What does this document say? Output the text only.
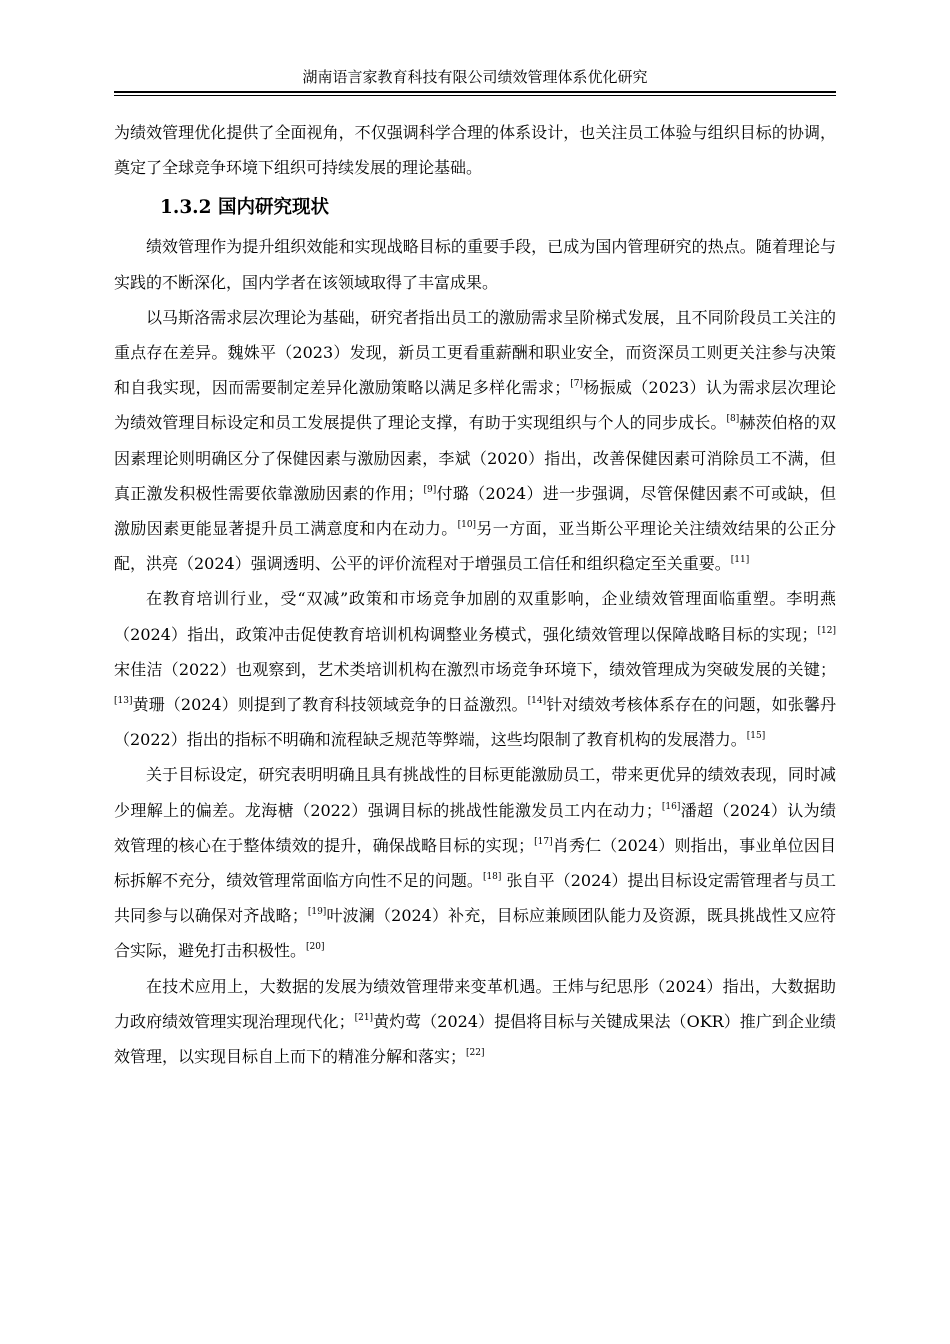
湖南语言家教育科技有限公司绩效管理体系优化研究

为绩效管理优化提供了全面视角，不仅强调科学合理的体系设计，也关注员工体验与组织目标的协调，奠定了全球竞争环境下组织可持续发展的理论基础。

1.3.2 国内研究现状

绩效管理作为提升组织效能和实现战略目标的重要手段，已成为国内管理研究的热点。随着理论与实践的不断深化，国内学者在该领域取得了丰富成果。

以马斯洛需求层次理论为基础，研究者指出员工的激励需求呈阶梯式发展，且不同阶段员工关注的重点存在差异。魏姝平（2023）发现，新员工更看重薪酬和职业安全，而资深员工则更关注参与决策和自我实现，因而需要制定差异化激励策略以满足多样化需求；[7]杨振威（2023）认为需求层次理论为绩效管理目标设定和员工发展提供了理论支撑，有助于实现组织与个人的同步成长。[8]赫茨伯格的双因素理论则明确区分了保健因素与激励因素，李斌（2020）指出，改善保健因素可消除员工不满，但真正激发积极性需要依靠激励因素的作用；[9]付璐（2024）进一步强调，尽管保健因素不可或缺，但激励因素更能显著提升员工满意度和内在动力。[10]另一方面，亚当斯公平理论关注绩效结果的公正分配，洪亮（2024）强调透明、公平的评价流程对于增强员工信任和组织稳定至关重要。[11]

在教育培训行业，受“双减”政策和市场竞争加剧的双重影响，企业绩效管理面临重塑。李明燕（2024）指出，政策冲击促使教育培训机构调整业务模式，强化绩效管理以保障战略目标的实现；[12]宋佳洁（2022）也观察到，艺术类培训机构在激烈市场竞争环境下，绩效管理成为突破发展的关键；[13]黄珊（2024）则提到了教育科技领域竞争的日益激烈。[14]针对绩效考核体系存在的问题，如张馨丹（2022）指出的指标不明确和流程缺乏规范等弊端，这些均限制了教育机构的发展潜力。[15]

关于目标设定，研究表明明确且具有挑战性的目标更能激励员工，带来更优异的绩效表现，同时减少理解上的偏差。龙海榶（2022）强调目标的挑战性能激发员工内在动力；[16]潘超（2024）认为绩效管理的核心在于整体绩效的提升，确保战略目标的实现；[17]肖秀仁（2024）则指出，事业单位因目标拆解不充分，绩效管理常面临方向性不足的问题。[18] 张自平（2024）提出目标设定需管理者与员工共同参与以确保对齐战略；[19]叶波澜（2024）补充，目标应兼顾团队能力及资源，既具挑战性又应符合实际，避免打击积极性。[20]

在技术应用上，大数据的发展为绩效管理带来变革机遇。王炜与纪思彤（2024）指出，大数据助力政府绩效管理实现治理现代化；[21]黄灼莺（2024）提倡将目标与关键成果法（OKR）推广到企业绩效管理，以实现目标自上而下的精准分解和落实；[22]
